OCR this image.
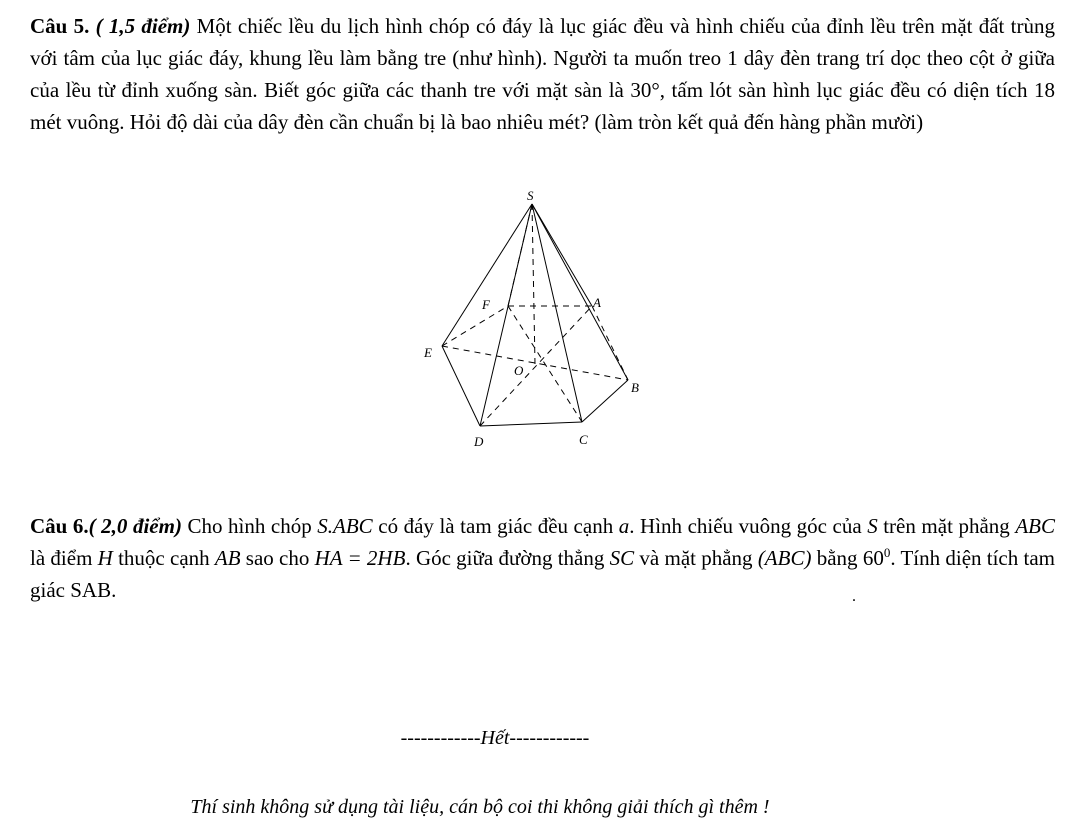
Câu 5. ( 1,5 điểm) Một chiếc lều du lịch hình chóp có đáy là lục giác đều và hình chiếu của đỉnh lều trên mặt đất trùng với tâm của lục giác đáy, khung lều làm bằng tre (như hình). Người ta muốn treo 1 dây đèn trang trí dọc theo cột ở giữa của lều từ đỉnh xuống sàn. Biết góc giữa các thanh tre với mặt sàn là 30°, tấm lót sàn hình lục giác đều có diện tích 18 mét vuông. Hỏi độ dài của dây đèn cần chuẩn bị là bao nhiêu mét? (làm tròn kết quả đến hàng phần mười)
S
A
B
C
D
E
F
O
Câu 6.( 2,0 điểm) Cho hình chóp S.ABC có đáy là tam giác đều cạnh a. Hình chiếu vuông góc của S trên mặt phẳng ABC là điểm H thuộc cạnh AB sao cho HA = 2HB. Góc giữa đường thẳng SC và mặt phẳng (ABC) bằng $60^0$. Tính diện tích tam giác SAB.	.
------------Hết------------
Thí sinh không sử dụng tài liệu, cán bộ coi thi không giải thích gì thêm !
